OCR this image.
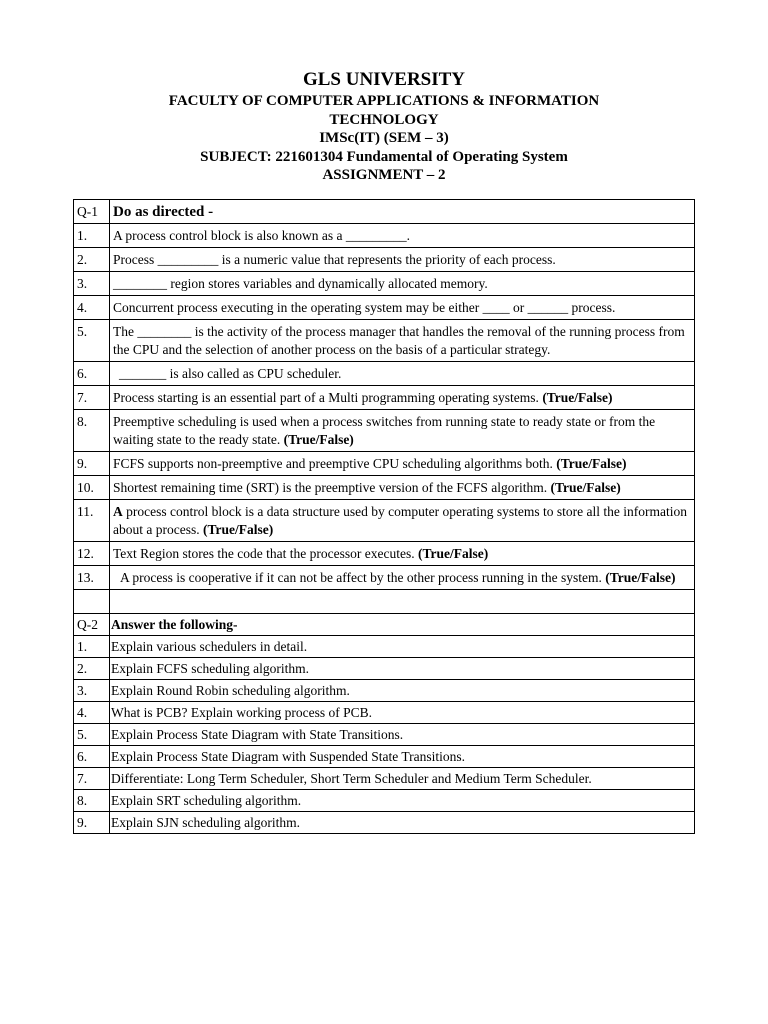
GLS UNIVERSITY
FACULTY OF COMPUTER APPLICATIONS & INFORMATION
TECHNOLOGY
IMSc(IT) (SEM – 3)
SUBJECT: 221601304 Fundamental of Operating System
ASSIGNMENT – 2
Q-1	Do as directed -
1.	A process control block is also known as a _________.
2.	Process _________ is a numeric value that represents the priority of each process.
3.	________ region stores variables and dynamically allocated memory.
4.	Concurrent process executing in the operating system may be either ____ or ______ process.
5.	The ________ is the activity of the process manager that handles the removal of the running process from the CPU and the selection of another process on the basis of a particular strategy.
6.	_______ is also called as CPU scheduler.
7.	Process starting is an essential part of a Multi programming operating systems. (True/False)
8.	Preemptive scheduling is used when a process switches from running state to ready state or from the waiting state to the ready state. (True/False)
9.	FCFS supports non-preemptive and preemptive CPU scheduling algorithms both. (True/False)
10.	Shortest remaining time (SRT) is the preemptive version of the FCFS algorithm. (True/False)
11.	A process control block is a data structure used by computer operating systems to store all the information about a process. (True/False)
12.	Text Region stores the code that the processor executes. (True/False)
13.	A process is cooperative if it can not be affect by the other process running in the system. (True/False)

Q-2	Answer the following-
1.	Explain various schedulers in detail.
2.	Explain FCFS scheduling algorithm.
3.	Explain Round Robin scheduling algorithm.
4.	What is PCB? Explain working process of PCB.
5.	Explain Process State Diagram with State Transitions.
6.	Explain Process State Diagram with Suspended State Transitions.
7.	Differentiate: Long Term Scheduler, Short Term Scheduler and Medium Term Scheduler.
8.	Explain SRT scheduling algorithm.
9.	Explain SJN scheduling algorithm.
